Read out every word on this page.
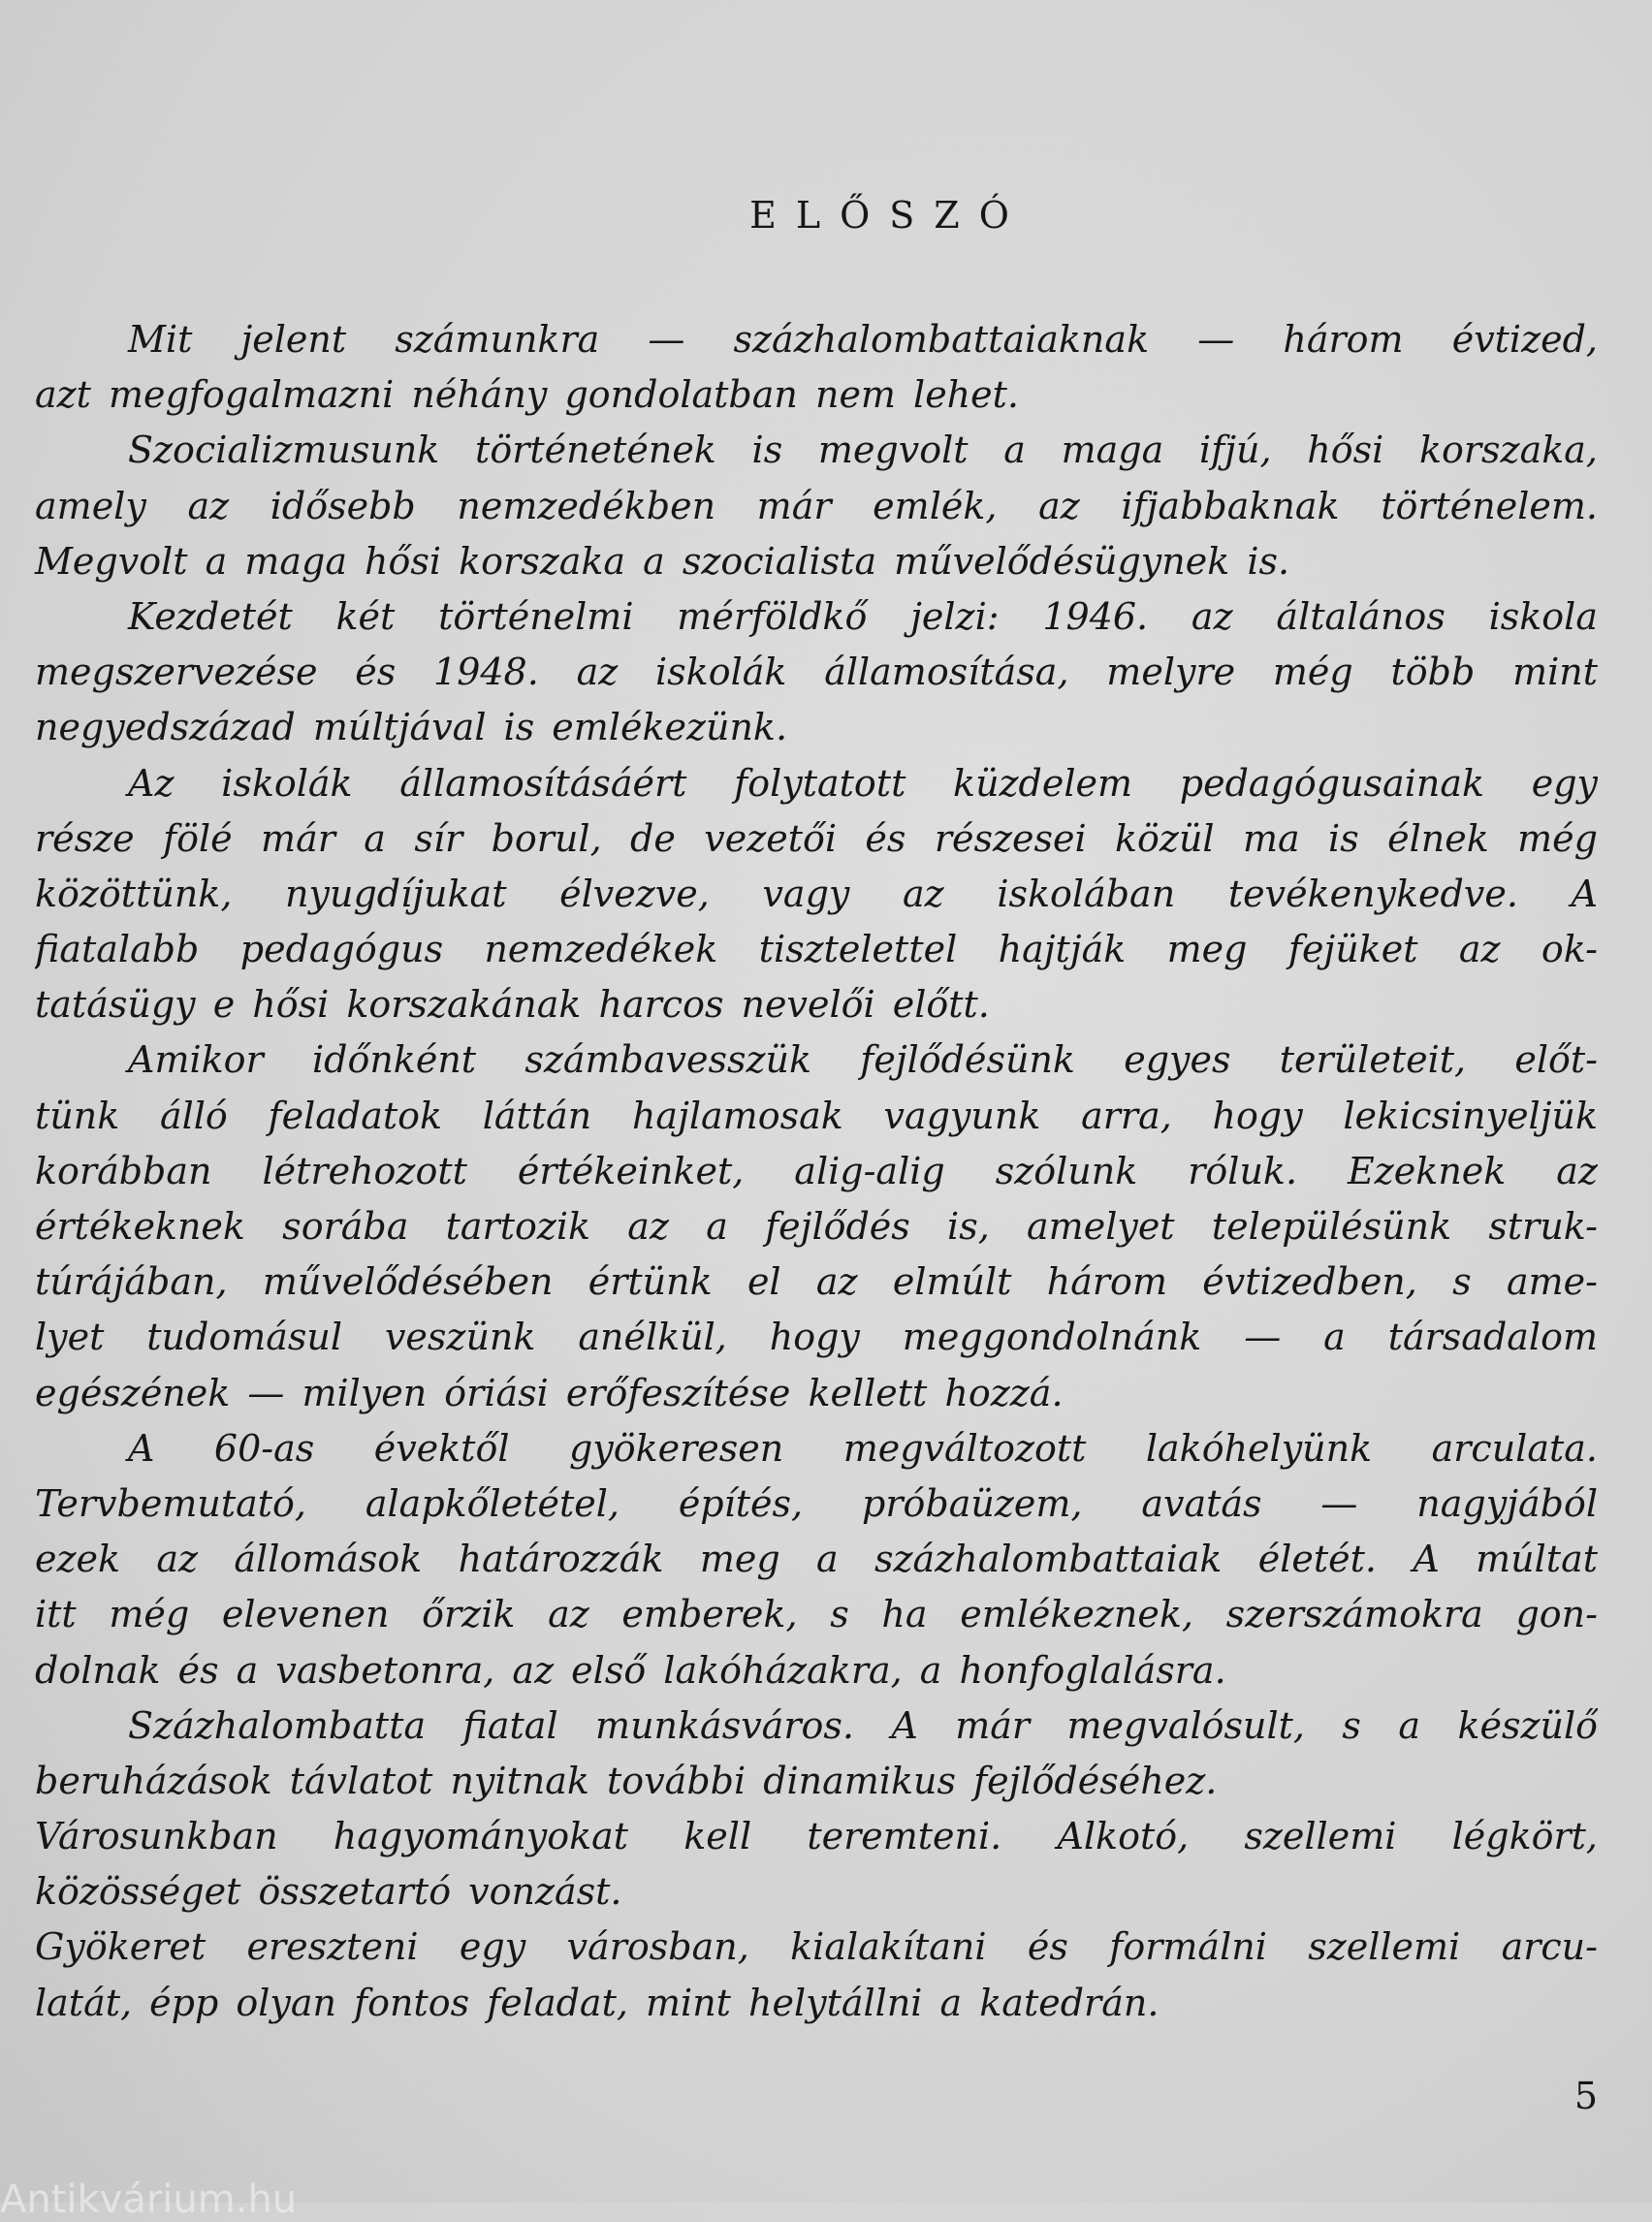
ELŐSZÓ
Mit jelent számunkra — százhalombattaiaknak — három évtized,
azt megfogalmazni néhány gondolatban nem lehet.
Szocializmusunk történetének is megvolt a maga ifjú, hősi korszaka,
amely az idősebb nemzedékben már emlék, az ifjabbaknak történelem.
Megvolt a maga hősi korszaka a szocialista művelődésügynek is.
Kezdetét két történelmi mérföldkő jelzi: 1946. az általános iskola
megszervezése és 1948. az iskolák államosítása, melyre még több mint
negyedszázad múltjával is emlékezünk.
Az iskolák államosításáért folytatott küzdelem pedagógusainak egy
része fölé már a sír borul, de vezetői és részesei közül ma is élnek még
közöttünk, nyugdíjukat élvezve, vagy az iskolában tevékenykedve. A
fiatalabb pedagógus nemzedékek tisztelettel hajtják meg fejüket az ok-
tatásügy e hősi korszakának harcos nevelői előtt.
Amikor időnként számbavesszük fejlődésünk egyes területeit, előt-
tünk álló feladatok láttán hajlamosak vagyunk arra, hogy lekicsinyeljük
korábban létrehozott értékeinket, alig-alig szólunk róluk. Ezeknek az
értékeknek sorába tartozik az a fejlődés is, amelyet településünk struk-
túrájában, művelődésében értünk el az elmúlt három évtizedben, s ame-
lyet tudomásul veszünk anélkül, hogy meggondolnánk — a társadalom
egészének — milyen óriási erőfeszítése kellett hozzá.
A 60-as évektől gyökeresen megváltozott lakóhelyünk arculata.
Tervbemutató, alapkőletétel, építés, próbaüzem, avatás — nagyjából
ezek az állomások határozzák meg a százhalombattaiak életét. A múltat
itt még elevenen őrzik az emberek, s ha emlékeznek, szerszámokra gon-
dolnak és a vasbetonra, az első lakóházakra, a honfoglalásra.
Százhalombatta fiatal munkásváros. A már megvalósult, s a készülő
beruházások távlatot nyitnak további dinamikus fejlődéséhez.
Városunkban hagyományokat kell teremteni. Alkotó, szellemi légkört,
közösséget összetartó vonzást.
Gyökeret ereszteni egy városban, kialakítani és formálni szellemi arcu-
latát, épp olyan fontos feladat, mint helytállni a katedrán.
5
Antikvárium.hu
